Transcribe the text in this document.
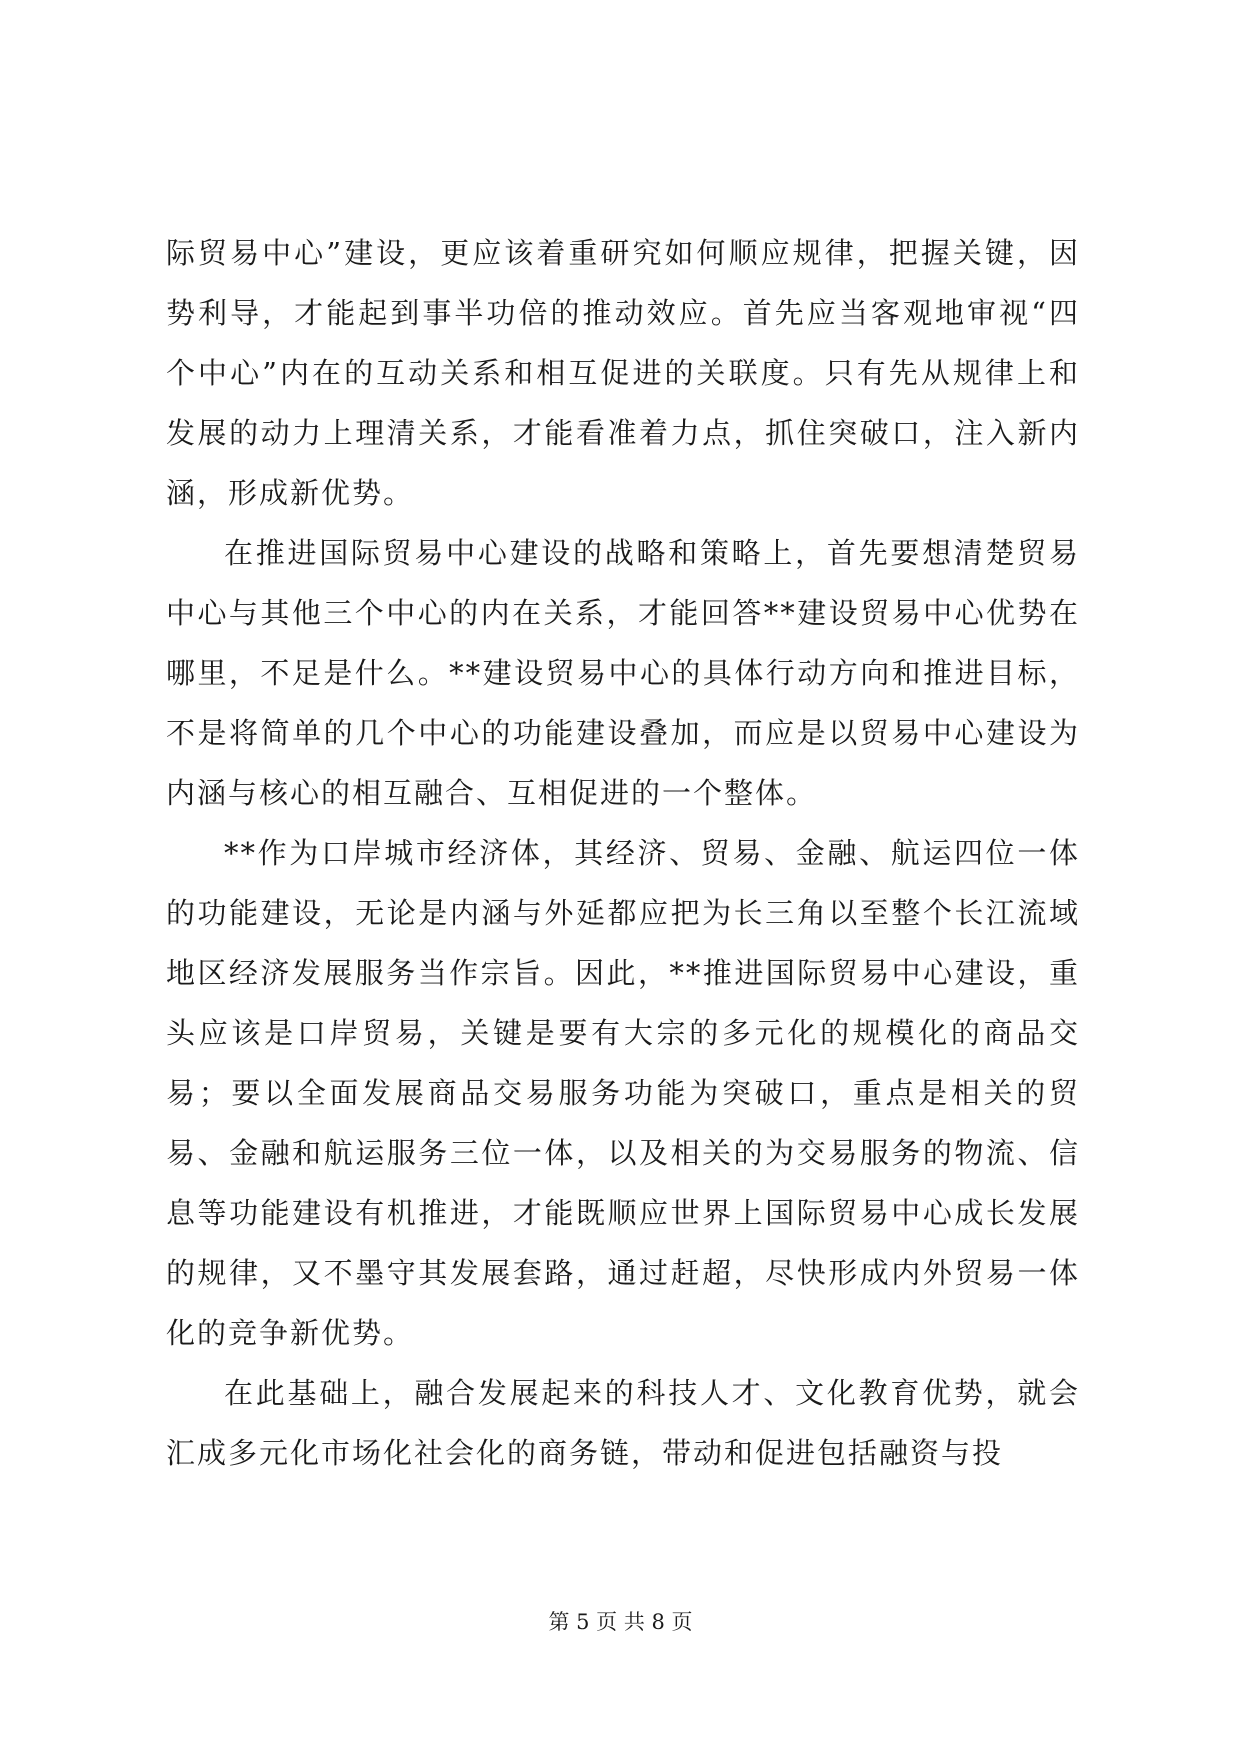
际贸易中心”建设，更应该着重研究如何顺应规律，把握关键，因势利导，才能起到事半功倍的推动效应。首先应当客观地审视“四个中心”内在的互动关系和相互促进的关联度。只有先从规律上和发展的动力上理清关系，才能看准着力点，抓住突破口，注入新内涵，形成新优势。

在推进国际贸易中心建设的战略和策略上，首先要想清楚贸易中心与其他三个中心的内在关系，才能回答**建设贸易中心优势在哪里，不足是什么。**建设贸易中心的具体行动方向和推进目标，不是将简单的几个中心的功能建设叠加，而应是以贸易中心建设为内涵与核心的相互融合、互相促进的一个整体。

**作为口岸城市经济体，其经济、贸易、金融、航运四位一体的功能建设，无论是内涵与外延都应把为长三角以至整个长江流域地区经济发展服务当作宗旨。因此，**推进国际贸易中心建设，重头应该是口岸贸易，关键是要有大宗的多元化的规模化的商品交易；要以全面发展商品交易服务功能为突破口，重点是相关的贸易、金融和航运服务三位一体，以及相关的为交易服务的物流、信息等功能建设有机推进，才能既顺应世界上国际贸易中心成长发展的规律，又不墨守其发展套路，通过赶超，尽快形成内外贸易一体化的竞争新优势。

在此基础上，融合发展起来的科技人才、文化教育优势，就会汇成多元化市场化社会化的商务链，带动和促进包括融资与投

第 5 页 共 8 页
